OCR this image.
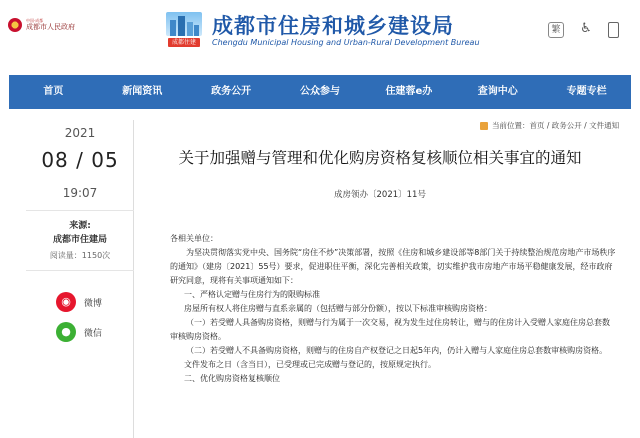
中国·成都
成都市人民政府
成都住建
成都市住房和城乡建设局
Chengdu Municipal Housing and Urban-Rural Development Bureau
繁 ♿
首页	新闻资讯	政务公开	公众参与	住建蓉e办	查询中心	专题专栏
2021
08 / 05
19:07
来源:
成都市住建局
阅读量：1150次
◉	微博
●	微信
当前位置：首页 / 政务公开 / 文件通知
关于加强赠与管理和优化购房资格复核顺位相关事宜的通知
成房领办〔2021〕11号

各相关单位：

为坚决贯彻落实党中央、国务院“房住不炒”决策部署，按照《住房和城乡建设部等8部门关于持续整治规范房地产市场秩序的通知》（建房〔2021〕55号）要求，促进职住平衡，深化完善相关政策，切实维护我市房地产市场平稳健康发展，经市政府研究同意，现将有关事项通知如下：

一、严格认定赠与住房行为的限购标准

房屋所有权人将住房赠与直系亲属的（包括赠与部分份额），按以下标准审核购房资格：

（一）若受赠人具备购房资格，则赠与行为属于一次交易，视为发生过住房转让，赠与的住房计入受赠人家庭住房总套数审核购房资格。

（二）若受赠人不具备购房资格，则赠与的住房自产权登记之日起5年内，仍计入赠与人家庭住房总套数审核购房资格。

文件发布之日（含当日），已受理或已完成赠与登记的，按原规定执行。

二、优化购房资格复核顺位
